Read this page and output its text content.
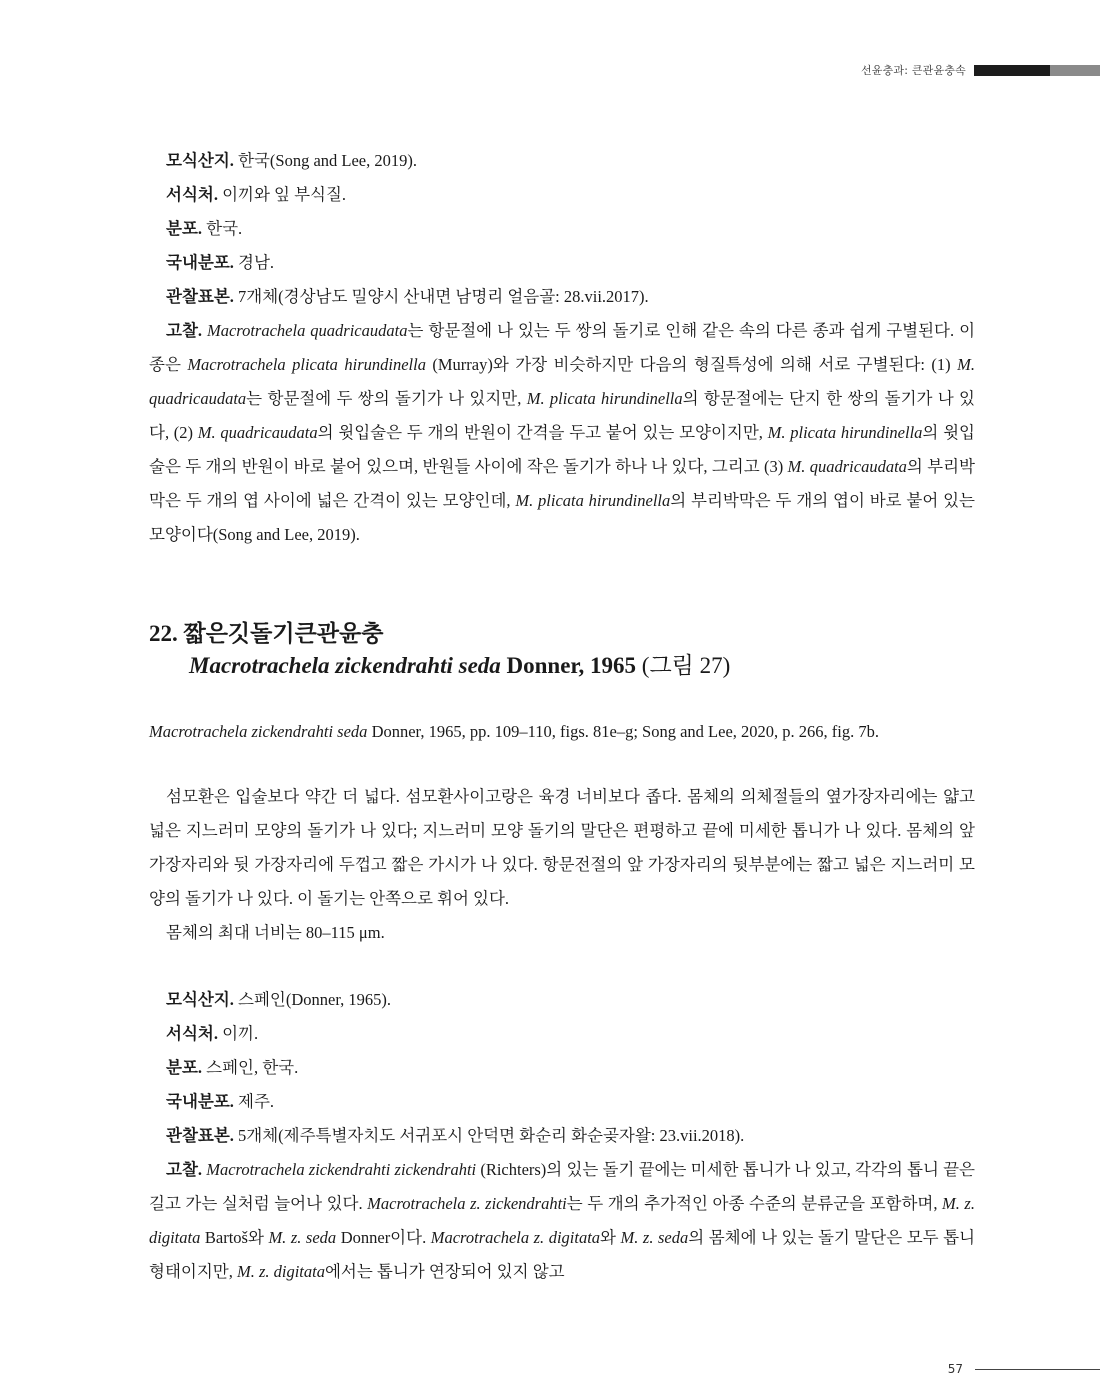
선윤충과: 큰관윤충속

모식산지. 한국(Song and Lee, 2019).

서식처. 이끼와 잎 부식질.

분포. 한국.

국내분포. 경남.

관찰표본. 7개체(경상남도 밀양시 산내면 남명리 얼음골: 28.vii.2017).

고찰. Macrotrachela quadricaudata는 항문절에 나 있는 두 쌍의 돌기로 인해 같은 속의 다른 종과 쉽게 구별된다. 이 종은 Macrotrachela plicata hirundinella (Murray)와 가장 비슷하지만 다음의 형질특성에 의해 서로 구별된다: (1) M. quadricaudata는 항문절에 두 쌍의 돌기가 나 있지만, M. plicata hirundinella의 항문절에는 단지 한 쌍의 돌기가 나 있다, (2) M. quadricaudata의 윗입술은 두 개의 반원이 간격을 두고 붙어 있는 모양이지만, M. plicata hirundinella의 윗입술은 두 개의 반원이 바로 붙어 있으며, 반원들 사이에 작은 돌기가 하나 나 있다, 그리고 (3) M. quadricaudata의 부리박막은 두 개의 엽 사이에 넓은 간격이 있는 모양인데, M. plicata hirundinella의 부리박막은 두 개의 엽이 바로 붙어 있는 모양이다(Song and Lee, 2019).

22. 짧은깃돌기큰관윤충
Macrotrachela zickendrahti seda Donner, 1965 (그림 27)

Macrotrachela zickendrahti seda Donner, 1965, pp. 109–110, figs. 81e–g; Song and Lee, 2020, p. 266, fig. 7b.

섬모환은 입술보다 약간 더 넓다. 섬모환사이고랑은 육경 너비보다 좁다. 몸체의 의체절들의 옆가장자리에는 얇고 넓은 지느러미 모양의 돌기가 나 있다; 지느러미 모양 돌기의 말단은 편평하고 끝에 미세한 톱니가 나 있다. 몸체의 앞 가장자리와 뒷 가장자리에 두껍고 짧은 가시가 나 있다. 항문전절의 앞 가장자리의 뒷부분에는 짧고 넓은 지느러미 모양의 돌기가 나 있다. 이 돌기는 안쪽으로 휘어 있다.

몸체의 최대 너비는 80–115 μm.

모식산지. 스페인(Donner, 1965).

서식처. 이끼.

분포. 스페인, 한국.

국내분포. 제주.

관찰표본. 5개체(제주특별자치도 서귀포시 안덕면 화순리 화순곶자왈: 23.vii.2018).

고찰. Macrotrachela zickendrahti zickendrahti (Richters)의 있는 돌기 끝에는 미세한 톱니가 나 있고, 각각의 톱니 끝은 길고 가는 실처럼 늘어나 있다. Macrotrachela z. zickendrahti는 두 개의 추가적인 아종 수준의 분류군을 포함하며, M. z. digitata Bartoš와 M. z. seda Donner이다. Macrotrachela z. digitata와 M. z. seda의 몸체에 나 있는 돌기 말단은 모두 톱니 형태이지만, M. z. digitata에서는 톱니가 연장되어 있지 않고

57
